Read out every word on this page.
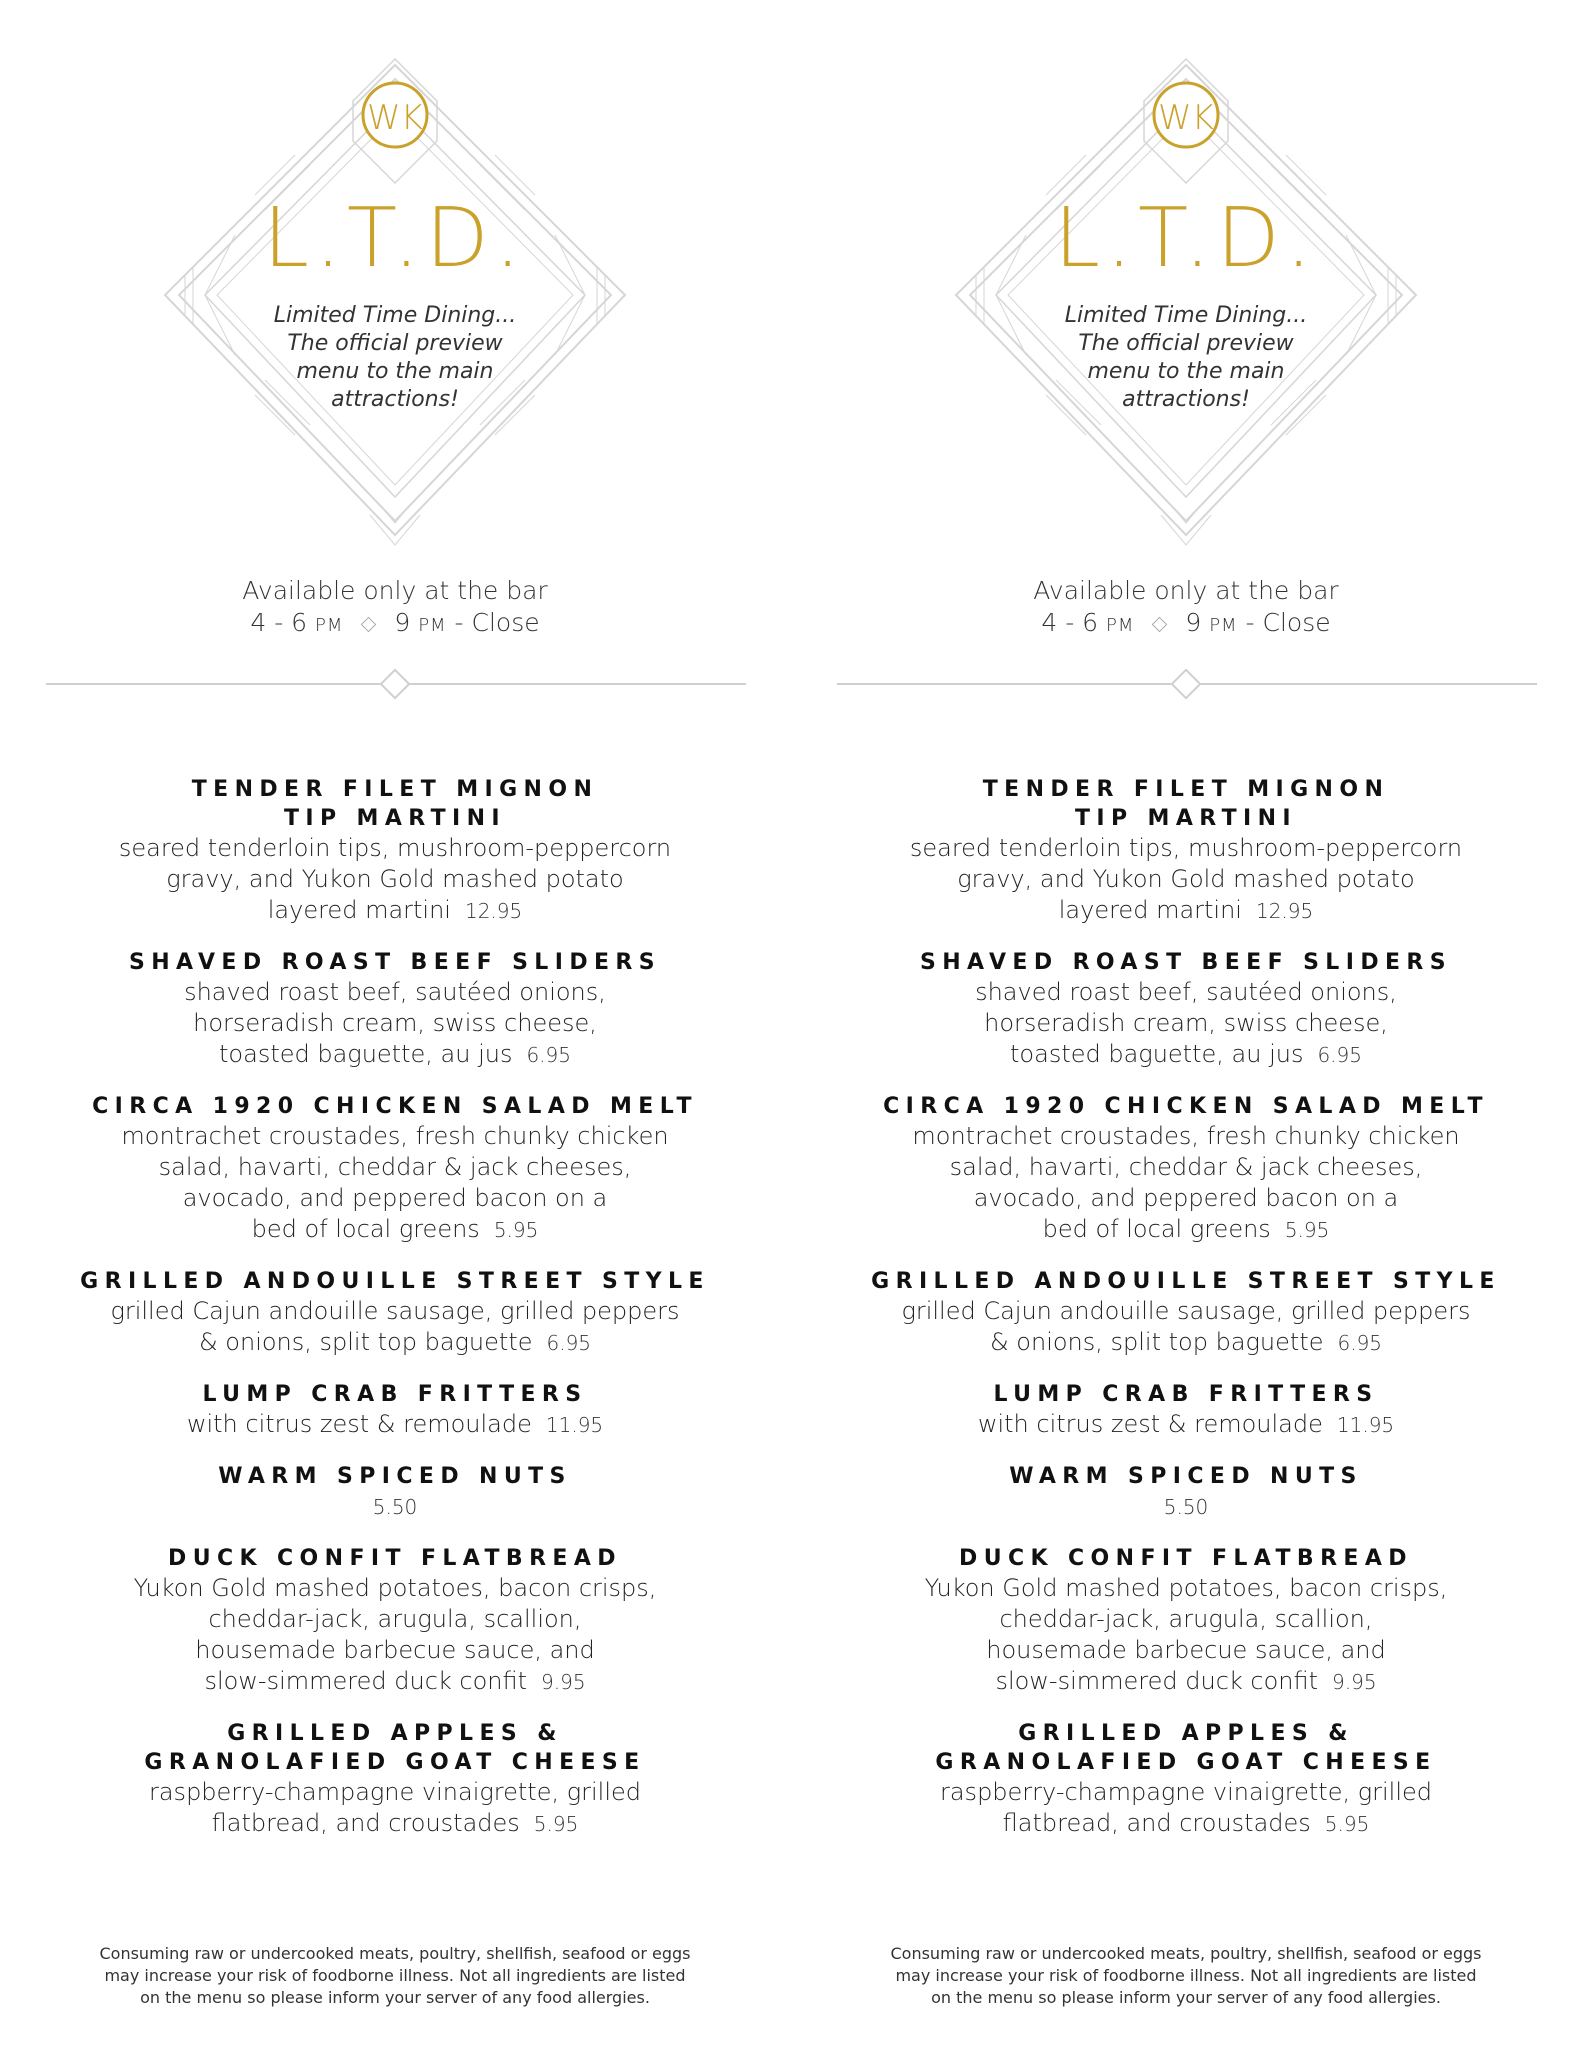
WK
L.T.D.
Limited Time Dining...
The official preview
menu to the main
attractions!
Available only at the bar
4 - 6 PM 9 PM - Close
TENDER FILET MIGNON
TIP MARTINI
seared tenderloin tips, mushroom-peppercorn
gravy, and Yukon Gold mashed potato
layered martini 12.95
SHAVED ROAST BEEF SLIDERS
shaved roast beef, sautéed onions,
horseradish cream, swiss cheese,
toasted baguette, au jus 6.95
CIRCA 1920 CHICKEN SALAD MELT
montrachet croustades, fresh chunky chicken
salad, havarti, cheddar & jack cheeses,
avocado, and peppered bacon on a
bed of local greens 5.95
GRILLED ANDOUILLE STREET STYLE
grilled Cajun andouille sausage, grilled peppers
& onions, split top baguette 6.95
LUMP CRAB FRITTERS
with citrus zest & remoulade 11.95
WARM SPICED NUTS
5.50
DUCK CONFIT FLATBREAD
Yukon Gold mashed potatoes, bacon crisps,
cheddar-jack, arugula, scallion,
housemade barbecue sauce, and
slow-simmered duck confit 9.95
GRILLED APPLES &
GRANOLAFIED GOAT CHEESE
raspberry-champagne vinaigrette, grilled
flatbread, and croustades 5.95
Consuming raw or undercooked meats, poultry, shellfish, seafood or eggs
may increase your risk of foodborne illness. Not all ingredients are listed
on the menu so please inform your server of any food allergies.
WK
L.T.D.
Limited Time Dining...
The official preview
menu to the main
attractions!
Available only at the bar
4 - 6 PM 9 PM - Close
TENDER FILET MIGNON
TIP MARTINI
seared tenderloin tips, mushroom-peppercorn
gravy, and Yukon Gold mashed potato
layered martini 12.95
SHAVED ROAST BEEF SLIDERS
shaved roast beef, sautéed onions,
horseradish cream, swiss cheese,
toasted baguette, au jus 6.95
CIRCA 1920 CHICKEN SALAD MELT
montrachet croustades, fresh chunky chicken
salad, havarti, cheddar & jack cheeses,
avocado, and peppered bacon on a
bed of local greens 5.95
GRILLED ANDOUILLE STREET STYLE
grilled Cajun andouille sausage, grilled peppers
& onions, split top baguette 6.95
LUMP CRAB FRITTERS
with citrus zest & remoulade 11.95
WARM SPICED NUTS
5.50
DUCK CONFIT FLATBREAD
Yukon Gold mashed potatoes, bacon crisps,
cheddar-jack, arugula, scallion,
housemade barbecue sauce, and
slow-simmered duck confit 9.95
GRILLED APPLES &
GRANOLAFIED GOAT CHEESE
raspberry-champagne vinaigrette, grilled
flatbread, and croustades 5.95
Consuming raw or undercooked meats, poultry, shellfish, seafood or eggs
may increase your risk of foodborne illness. Not all ingredients are listed
on the menu so please inform your server of any food allergies.
